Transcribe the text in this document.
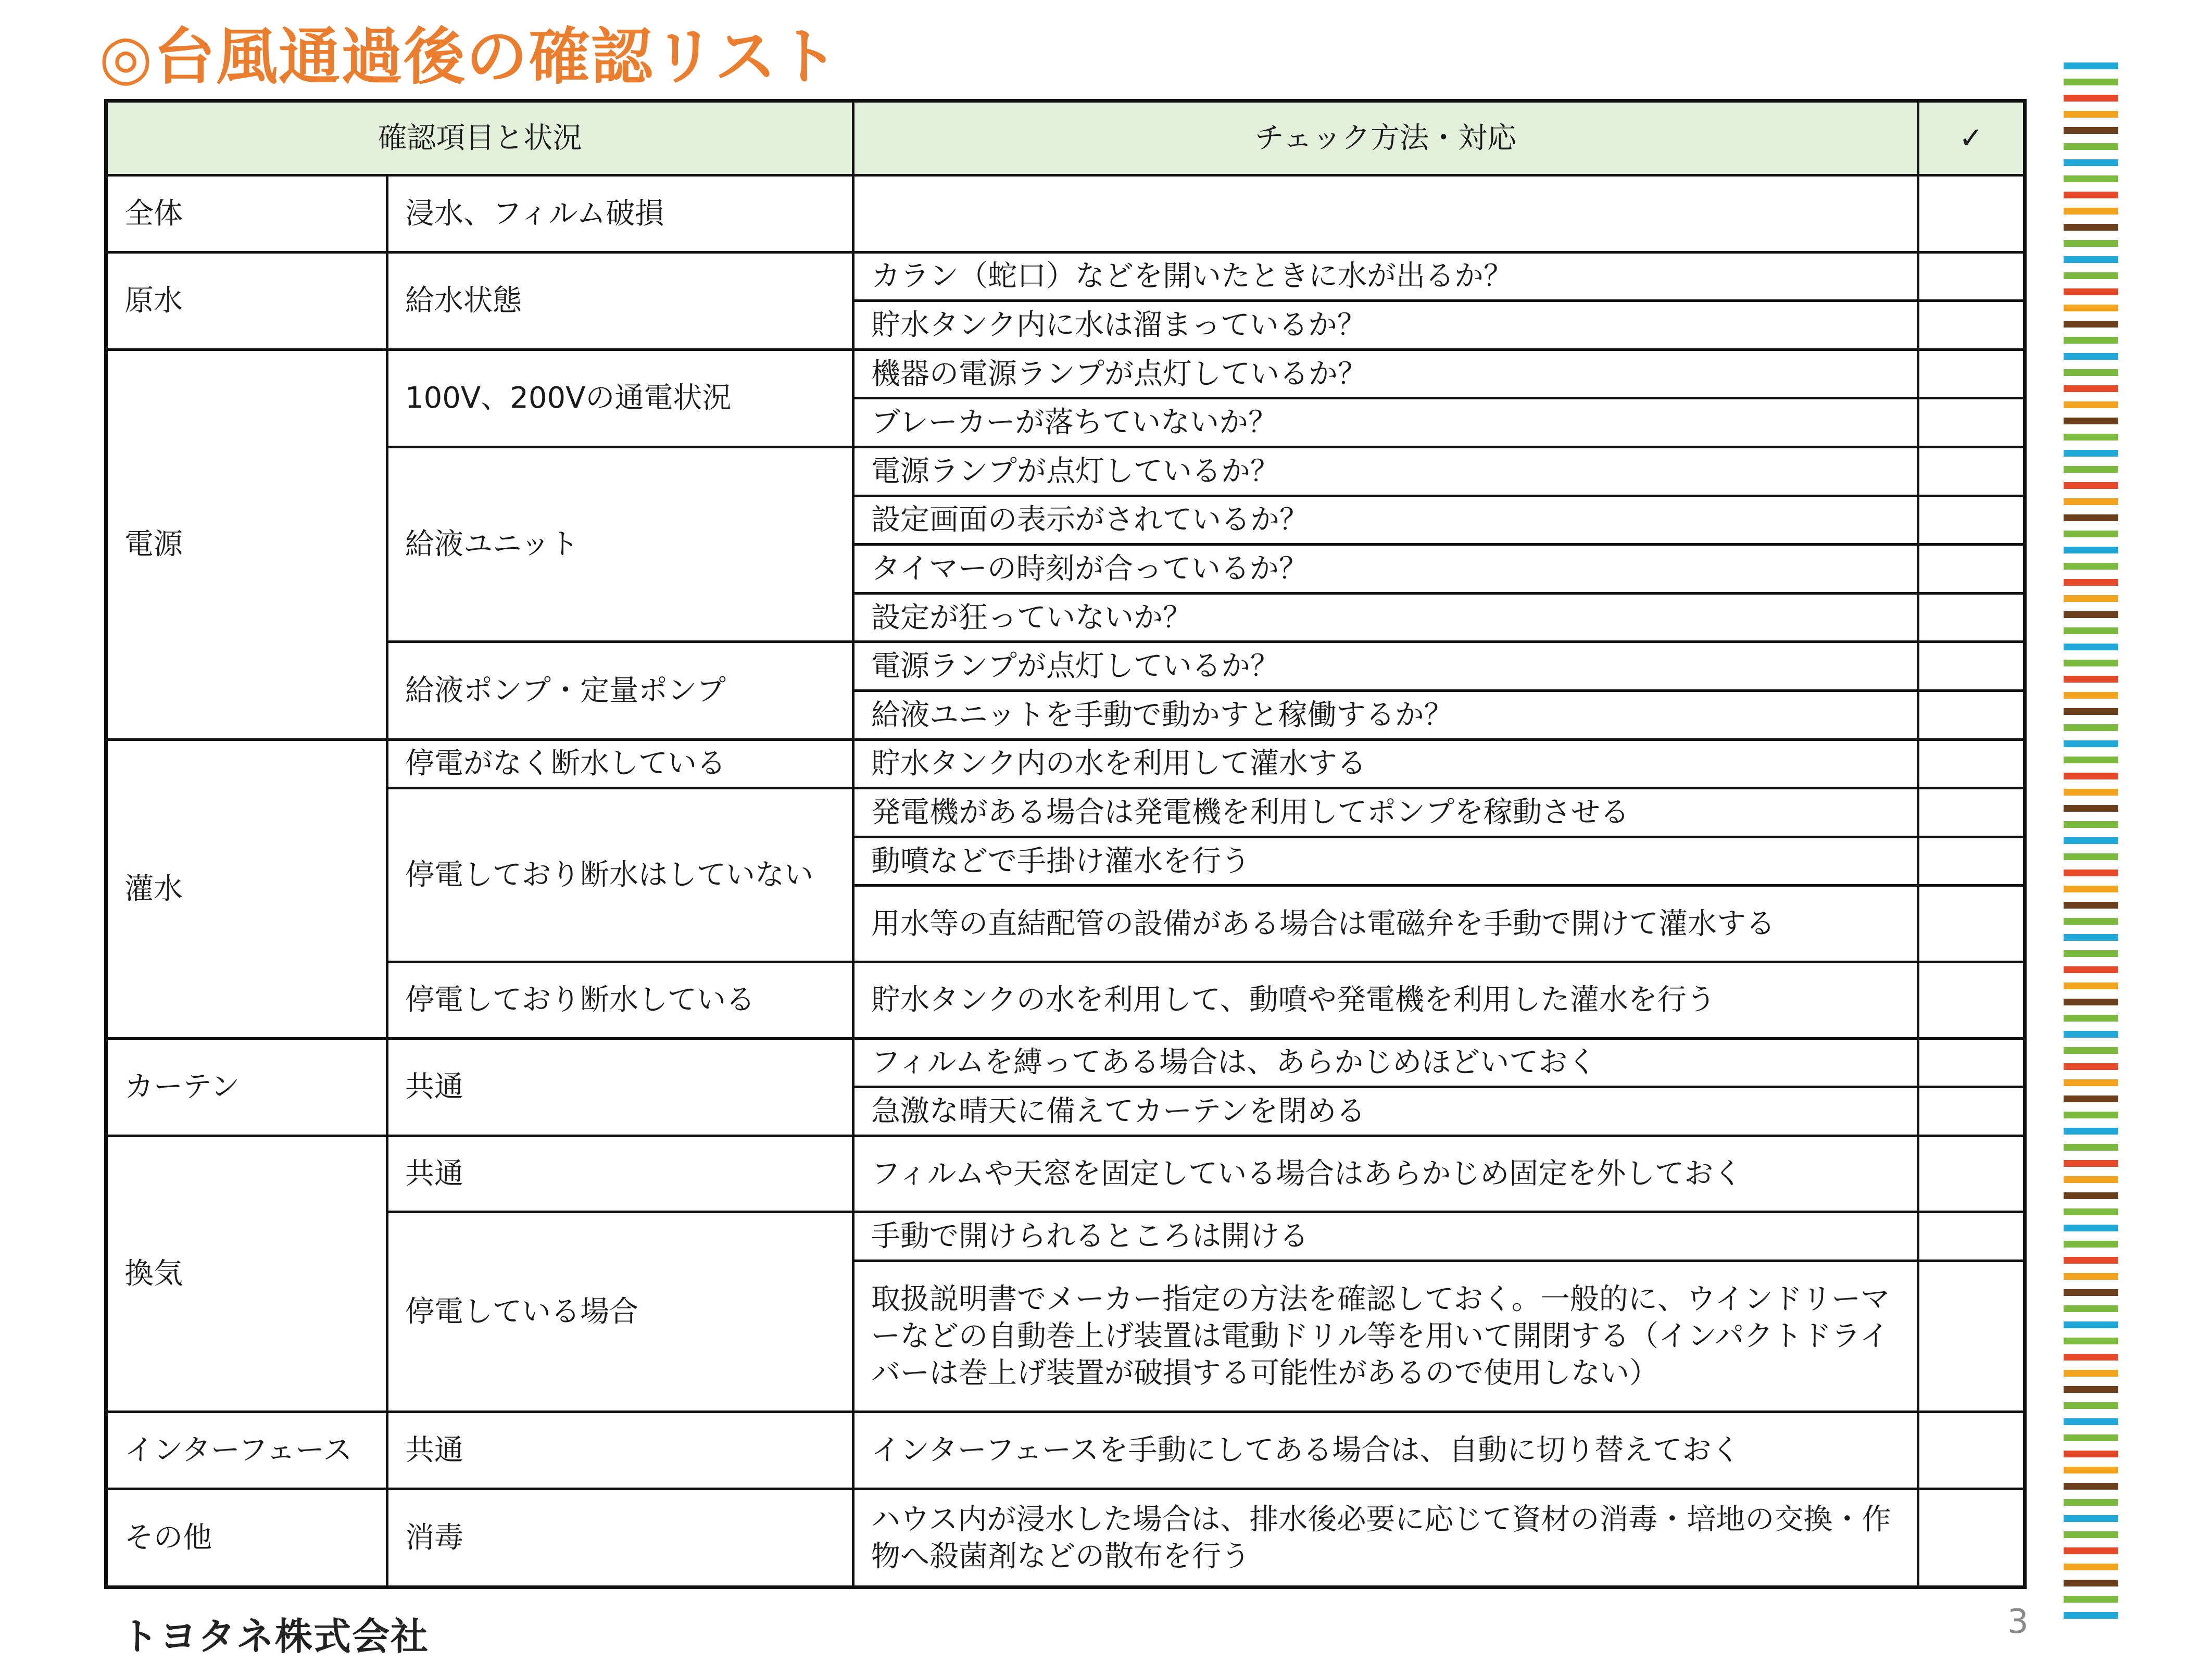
◎台風通過後の確認リスト
確認項目と状況		チェック方法・対応	✓
全体	浸水、フィルム破損		
原水	給水状態	カラン（蛇口）などを開いたときに水が出るか？	
		貯水タンク内に水は溜まっているか？	
電源	100V、200Vの通電状況	機器の電源ランプが点灯しているか？	
		ブレーカーが落ちていないか？	
	給液ユニット	電源ランプが点灯しているか？	
		設定画面の表示がされているか？	
		タイマーの時刻が合っているか？	
		設定が狂っていないか？	
	給液ポンプ・定量ポンプ	電源ランプが点灯しているか？	
		給液ユニットを手動で動かすと稼働するか？	
灌水	停電がなく断水している	貯水タンク内の水を利用して灌水する	
	停電しており断水はしていない	発電機がある場合は発電機を利用してポンプを稼動させる	
		動噴などで手掛け灌水を行う	
		用水等の直結配管の設備がある場合は電磁弁を手動で開けて灌水する	
	停電しており断水している	貯水タンクの水を利用して、動噴や発電機を利用した灌水を行う	
カーテン	共通	フィルムを縛ってある場合は、あらかじめほどいておく	
		急激な晴天に備えてカーテンを閉める	
換気	共通	フィルムや天窓を固定している場合はあらかじめ固定を外しておく	
	停電している場合	手動で開けられるところは開ける	
		取扱説明書でメーカー指定の方法を確認しておく。一般的に、ウインドリーマーなどの自動巻上げ装置は電動ドリル等を用いて開閉する（インパクトドライバーは巻上げ装置が破損する可能性があるので使用しない）	
インターフェース	共通	インターフェースを手動にしてある場合は、自動に切り替えておく	
その他	消毒	ハウス内が浸水した場合は、排水後必要に応じて資材の消毒・培地の交換・作物へ殺菌剤などの散布を行う	
トヨタネ株式会社	3
